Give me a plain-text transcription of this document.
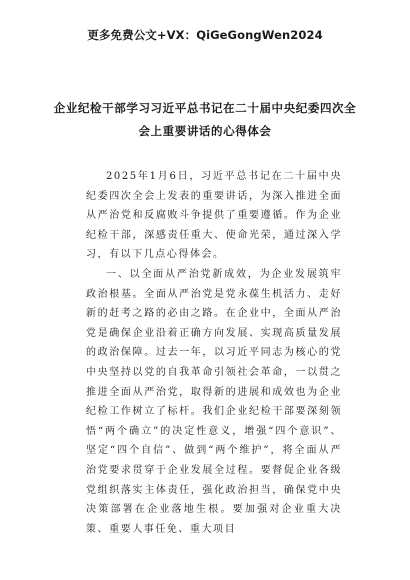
更多免费公文+VX：QiGeGongWen2024
企业纪检干部学习习近平总书记在二十届中央纪委四次全
会上重要讲话的心得体会

2025年1月6日，习近平总书记在二十届中央纪委四次全会上发表的重要讲话，为深入推进全面从严治党和反腐败斗争提供了重要遵循。作为企业纪检干部，深感责任重大、使命光荣，通过深入学习，有以下几点心得体会。

一、以全面从严治党新成效，为企业发展筑牢政治根基。全面从严治党是党永葆生机活力、走好新的赶考之路的必由之路。在企业中，全面从严治党是确保企业沿着正确方向发展、实现高质量发展的政治保障。过去一年，以习近平同志为核心的党中央坚持以党的自我革命引领社会革命，一以贯之推进全面从严治党，取得新的进展和成效也为企业纪检工作树立了标杆。我们企业纪检干部要深刻领悟“两个确立”的决定性意义，增强“四个意识”、坚定“四个自信”、做到“两个维护”，将全面从严治党要求贯穿于企业发展全过程。要督促企业各级党组织落实主体责任，强化政治担当，确保党中央决策部署在企业落地生根。要加强对企业重大决策、重要人事任免、重大项目
